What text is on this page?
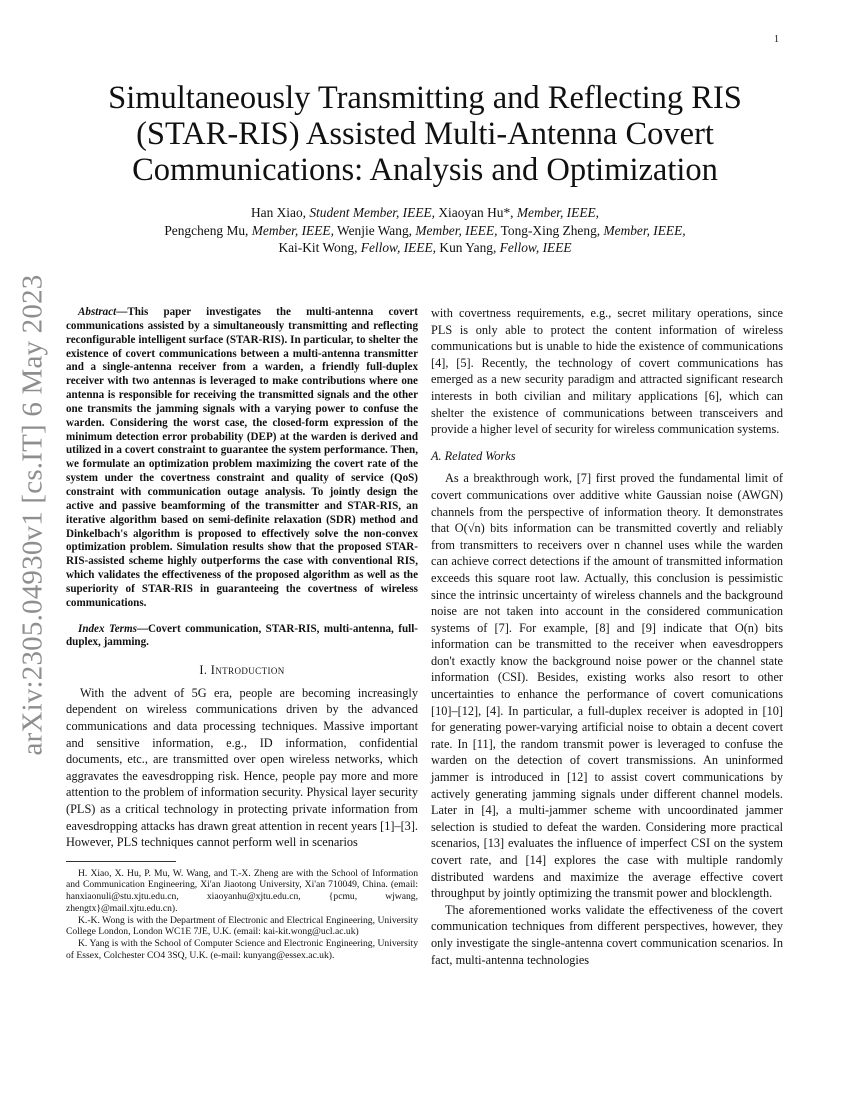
1
arXiv:2305.04930v1 [cs.IT] 6 May 2023
Simultaneously Transmitting and Reflecting RIS (STAR-RIS) Assisted Multi-Antenna Covert Communications: Analysis and Optimization
Han Xiao, Student Member, IEEE, Xiaoyan Hu*, Member, IEEE,
Pengcheng Mu, Member, IEEE, Wenjie Wang, Member, IEEE, Tong-Xing Zheng, Member, IEEE,
Kai-Kit Wong, Fellow, IEEE, Kun Yang, Fellow, IEEE

Abstract—This paper investigates the multi-antenna covert communications assisted by a simultaneously transmitting and reflecting reconfigurable intelligent surface (STAR-RIS). In particular, to shelter the existence of covert communications between a multi-antenna transmitter and a single-antenna receiver from a warden, a friendly full-duplex receiver with two antennas is leveraged to make contributions where one antenna is responsible for receiving the transmitted signals and the other one transmits the jamming signals with a varying power to confuse the warden. Considering the worst case, the closed-form expression of the minimum detection error probability (DEP) at the warden is derived and utilized in a covert constraint to guarantee the system performance. Then, we formulate an optimization problem maximizing the covert rate of the system under the covertness constraint and quality of service (QoS) constraint with communication outage analysis. To jointly design the active and passive beamforming of the transmitter and STAR-RIS, an iterative algorithm based on semi-definite relaxation (SDR) method and Dinkelbach's algorithm is proposed to effectively solve the non-convex optimization problem. Simulation results show that the proposed STAR-RIS-assisted scheme highly outperforms the case with conventional RIS, which validates the effectiveness of the proposed algorithm as well as the superiority of STAR-RIS in guaranteeing the covertness of wireless communications.

Index Terms—Covert communication, STAR-RIS, multi-antenna, full-duplex, jamming.

I. Introduction

With the advent of 5G era, people are becoming increasingly dependent on wireless communications driven by the advanced communications and data processing techniques. Massive important and sensitive information, e.g., ID information, confidential documents, etc., are transmitted over open wireless networks, which aggravates the eavesdropping risk. Hence, people pay more and more attention to the problem of information security. Physical layer security (PLS) as a critical technology in protecting private information from eavesdropping attacks has drawn great attention in recent years [1]–[3]. However, PLS techniques cannot perform well in scenarios

H. Xiao, X. Hu, P. Mu, W. Wang, and T.-X. Zheng are with the School of Information and Communication Engineering, Xi'an Jiaotong University, Xi'an 710049, China. (email: hanxiaonuli@stu.xjtu.edu.cn, xiaoyanhu@xjtu.edu.cn, {pcmu, wjwang, zhengtx}@mail.xjtu.edu.cn).

K.-K. Wong is with the Department of Electronic and Electrical Engineering, University College London, London WC1E 7JE, U.K. (email: kai-kit.wong@ucl.ac.uk)

K. Yang is with the School of Computer Science and Electronic Engineering, University of Essex, Colchester CO4 3SQ, U.K. (e-mail: kunyang@essex.ac.uk).

with covertness requirements, e.g., secret military operations, since PLS is only able to protect the content information of wireless communications but is unable to hide the existence of communications [4], [5]. Recently, the technology of covert communications has emerged as a new security paradigm and attracted significant research interests in both civilian and military applications [6], which can shelter the existence of communications between transceivers and provide a higher level of security for wireless communication systems.

A. Related Works

As a breakthrough work, [7] first proved the fundamental limit of covert communications over additive white Gaussian noise (AWGN) channels from the perspective of information theory. It demonstrates that O(√n) bits information can be transmitted covertly and reliably from transmitters to receivers over n channel uses while the warden can achieve correct detections if the amount of transmitted information exceeds this square root law. Actually, this conclusion is pessimistic since the intrinsic uncertainty of wireless channels and the background noise are not taken into account in the considered communication systems of [7]. For example, [8] and [9] indicate that O(n) bits information can be transmitted to the receiver when eavesdroppers don't exactly know the background noise power or the channel state information (CSI). Besides, existing works also resort to other uncertainties to enhance the performance of covert comunications [10]–[12], [4]. In particular, a full-duplex receiver is adopted in [10] for generating power-varying artificial noise to obtain a decent covert rate. In [11], the random transmit power is leveraged to confuse the warden on the detection of covert transmissions. An uninformed jammer is introduced in [12] to assist covert communications by actively generating jamming signals under different channel models. Later in [4], a multi-jammer scheme with uncoordinated jammer selection is studied to defeat the warden. Considering more practical scenarios, [13] evaluates the influence of imperfect CSI on the system covert rate, and [14] explores the case with multiple randomly distributed wardens and maximize the average effective covert throughput by jointly optimizing the transmit power and blocklength.

The aforementioned works validate the effectiveness of the covert communication techniques from different perspectives, however, they only investigate the single-antenna covert communication scenarios. In fact, multi-antenna technologies
